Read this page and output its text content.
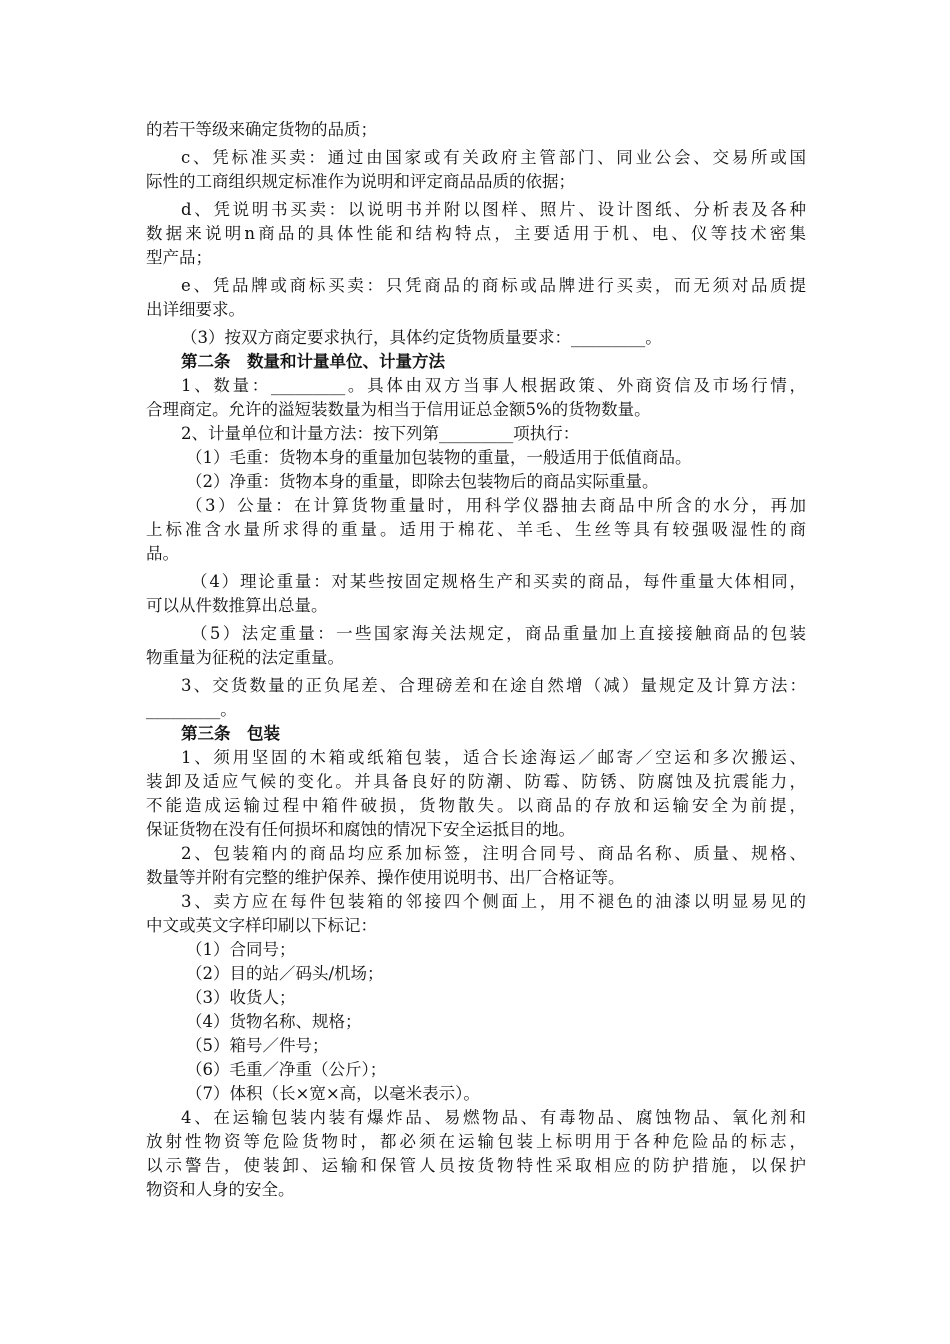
的若干等级来确定货物的品质；
c、凭标准买卖：通过由国家或有关政府主管部门、同业公会、交易所或国
际性的工商组织规定标准作为说明和评定商品品质的依据；
d、凭说明书买卖：以说明书并附以图样、照片、设计图纸、分析表及各种
数据来说明n商品的具体性能和结构特点，主要适用于机、电、仪等技术密集
型产品；
e、凭品牌或商标买卖：只凭商品的商标或品牌进行买卖，而无须对品质提
出详细要求。
（3）按双方商定要求执行，具体约定货物质量要求：_________。
第二条　数量和计量单位、计量方法
1、数量：_________。具体由双方当事人根据政策、外商资信及市场行情，
合理商定。允许的溢短装数量为相当于信用证总金额5%的货物数量。
2、计量单位和计量方法：按下列第_________项执行：
（1）毛重：货物本身的重量加包装物的重量，一般适用于低值商品。
（2）净重：货物本身的重量，即除去包装物后的商品实际重量。
（3）公量：在计算货物重量时，用科学仪器抽去商品中所含的水分，再加
上标准含水量所求得的重量。适用于棉花、羊毛、生丝等具有较强吸湿性的商
品。
（4）理论重量：对某些按固定规格生产和买卖的商品，每件重量大体相同，
可以从件数推算出总量。
（5）法定重量：一些国家海关法规定，商品重量加上直接接触商品的包装
物重量为征税的法定重量。
3、交货数量的正负尾差、合理磅差和在途自然增（减）量规定及计算方法：
_________。
第三条　包装
1、须用坚固的木箱或纸箱包装，适合长途海运／邮寄／空运和多次搬运、
装卸及适应气候的变化。并具备良好的防潮、防霉、防锈、防腐蚀及抗震能力，
不能造成运输过程中箱件破损，货物散失。以商品的存放和运输安全为前提，
保证货物在没有任何损坏和腐蚀的情况下安全运抵目的地。
2、包装箱内的商品均应系加标签，注明合同号、商品名称、质量、规格、
数量等并附有完整的维护保养、操作使用说明书、出厂合格证等。
3、卖方应在每件包装箱的邻接四个侧面上，用不褪色的油漆以明显易见的
中文或英文字样印刷以下标记：
（1）合同号；
（2）目的站／码头/机场；
（3）收货人；
（4）货物名称、规格；
（5）箱号／件号；
（6）毛重／净重（公斤）；
（7）体积（长×宽×高，以毫米表示）。
4、在运输包装内装有爆炸品、易燃物品、有毒物品、腐蚀物品、氧化剂和
放射性物资等危险货物时，都必须在运输包装上标明用于各种危险品的标志，
以示警告，使装卸、运输和保管人员按货物特性采取相应的防护措施，以保护
物资和人身的安全。
